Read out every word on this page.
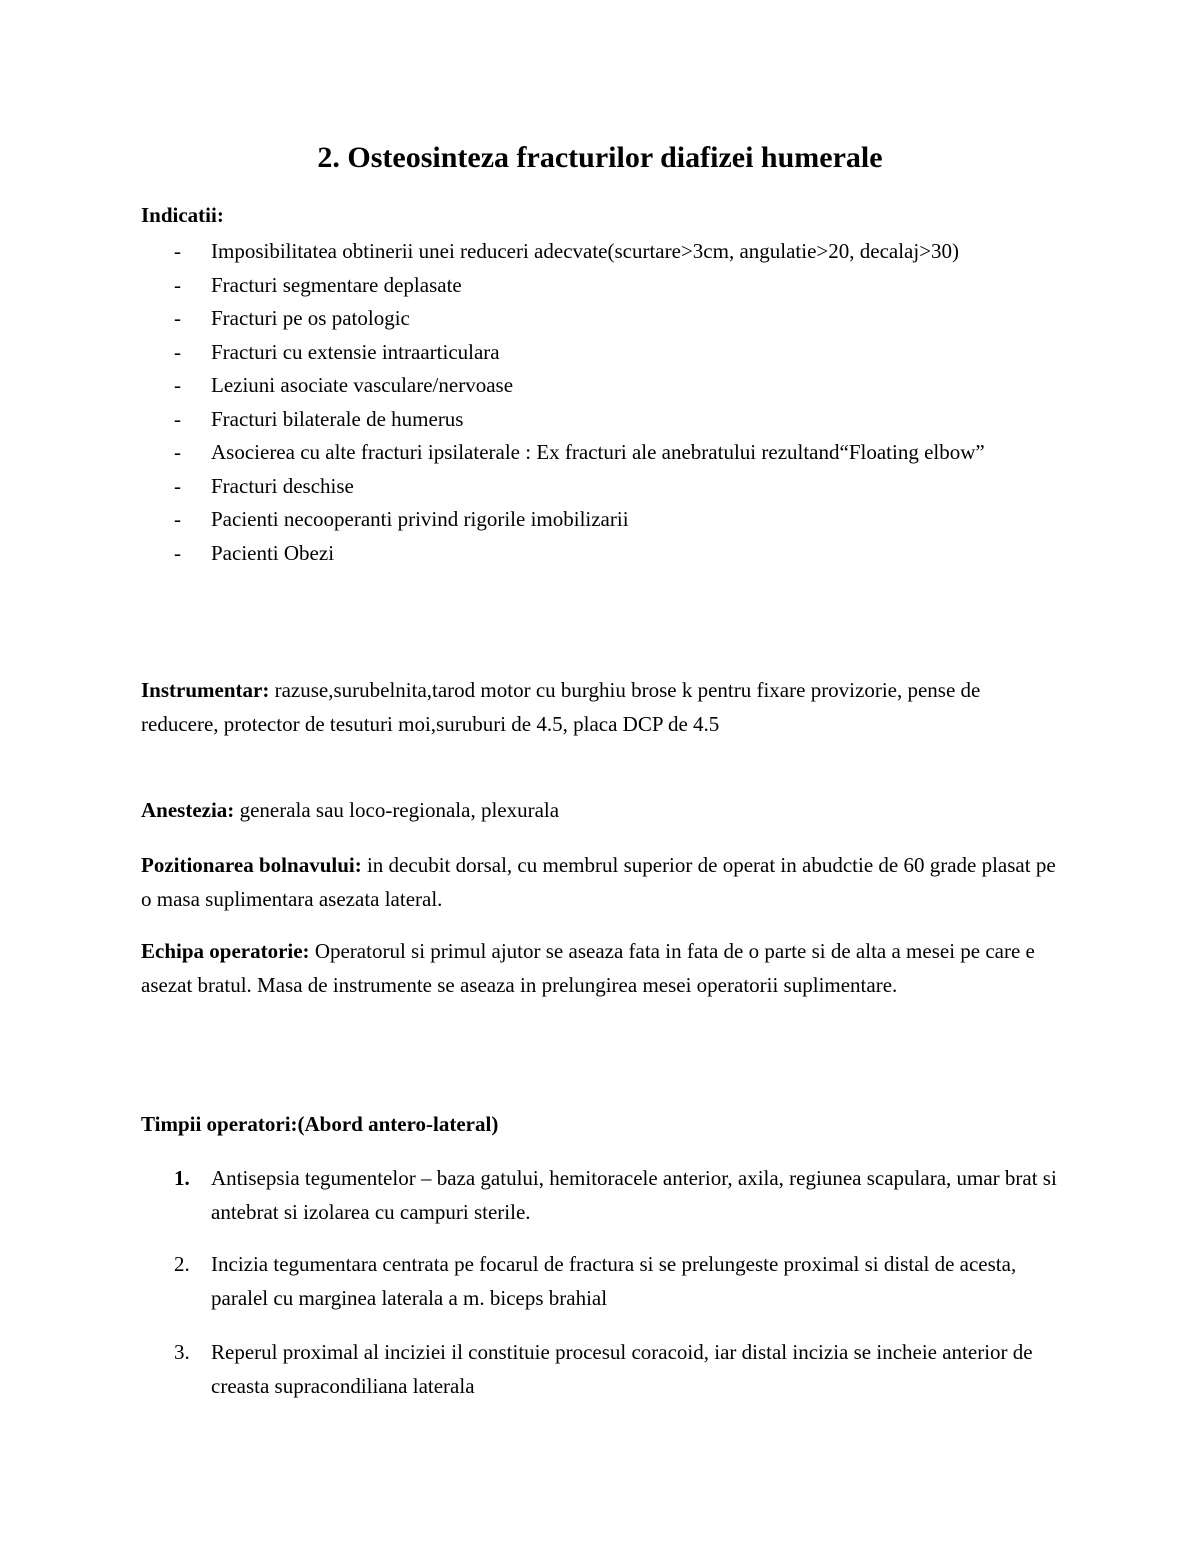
2. Osteosinteza fracturilor diafizei humerale
Indicatii:
- Imposibilitatea obtinerii unei reduceri adecvate(scurtare>3cm, angulatie>20, decalaj>30)
- Fracturi segmentare deplasate
- Fracturi pe os patologic
- Fracturi cu extensie intraarticulara
- Leziuni asociate vasculare/nervoase
- Fracturi bilaterale de humerus
- Asocierea cu alte fracturi ipsilaterale : Ex fracturi ale anebratului rezultand“Floating elbow”
- Fracturi deschise
- Pacienti necooperanti privind rigorile imobilizarii
- Pacienti Obezi
Instrumentar: razuse,surubelnita,tarod motor cu burghiu brose k pentru fixare provizorie, pense de reducere, protector de tesuturi moi,suruburi de 4.5, placa DCP de 4.5
Anestezia: generala sau loco-regionala, plexurala
Pozitionarea bolnavului: in decubit dorsal, cu membrul superior de operat in abudctie de 60 grade plasat pe o masa suplimentara asezata lateral.
Echipa operatorie: Operatorul si primul ajutor se aseaza fata in fata de o parte si de alta a mesei pe care e asezat bratul. Masa de instrumente se aseaza in prelungirea mesei operatorii suplimentare.
Timpii operatori:(Abord antero-lateral)
1. Antisepsia tegumentelor – baza gatului, hemitoracele anterior, axila, regiunea scapulara, umar brat si antebrat si izolarea cu campuri sterile.
2. Incizia tegumentara centrata pe focarul de fractura si se prelungeste proximal si distal de acesta, paralel cu marginea laterala a m. biceps brahial
3. Reperul proximal al inciziei il constituie procesul coracoid, iar distal incizia se incheie anterior de creasta supracondiliana laterala
